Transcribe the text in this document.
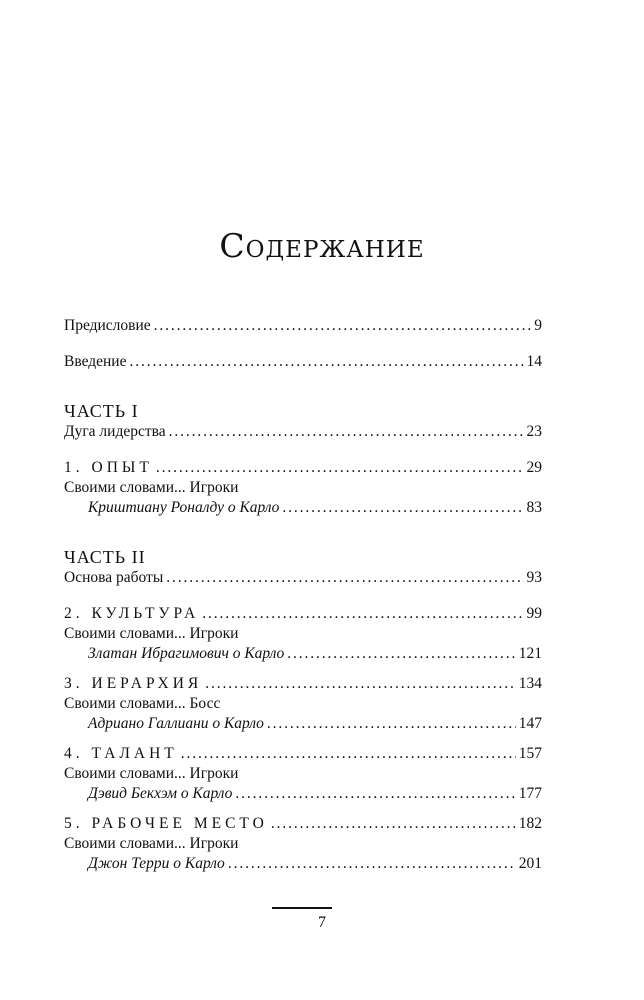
Содержание
Предисловие . . .	9
Введение . . .	14
ЧАСТЬ I
Дуга лидерства . . .	23
1. ОПЫТ . . .	29
Своими словами... Игроки
Криштиану Роналду о Карло . . .	83
ЧАСТЬ II
Основа работы . . .	93
2. КУЛЬТУРА . . .	99
Своими словами... Игроки
Златан Ибрагимович о Карло . . .	121
3. ИЕРАРХИЯ . . .	134
Своими словами... Босс
Адриано Галлиани о Карло . . .	147
4. ТАЛАНТ . . .	157
Своими словами... Игроки
Дэвид Бекхэм о Карло . . .	177
5. РАБОЧЕЕ МЕСТО . . .	182
Своими словами... Игроки
Джон Терри о Карло . . .	201
7
